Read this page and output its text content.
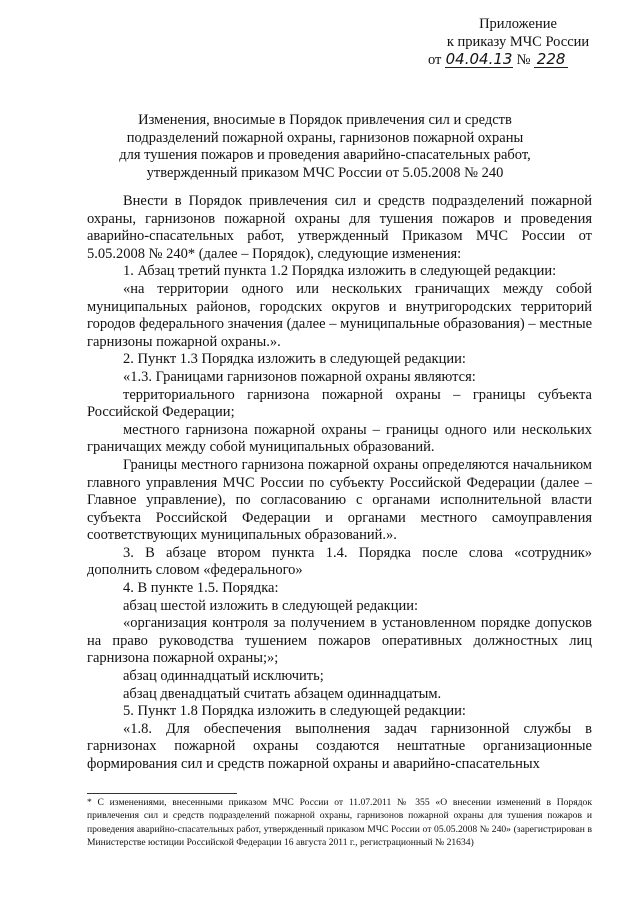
Приложение
к приказу МЧС России
от 04.04.13 № 228
Изменения, вносимые в Порядок привлечения сил и средств
подразделений пожарной охраны, гарнизонов пожарной охраны
для тушения пожаров и проведения аварийно-спасательных работ,
утвержденный приказом МЧС России от 5.05.2008 № 240

Внести в Порядок привлечения сил и средств подразделений пожарной охраны, гарнизонов пожарной охраны для тушения пожаров и проведения аварийно-спасательных работ, утвержденный Приказом МЧС России от 5.05.2008 № 240* (далее – Порядок), следующие изменения:

1. Абзац третий пункта 1.2 Порядка изложить в следующей редакции:

«на территории одного или нескольких граничащих между собой муниципальных районов, городских округов и внутригородских территорий городов федерального значения (далее – муниципальные образования) – местные гарнизоны пожарной охраны.».

2. Пункт 1.3 Порядка изложить в следующей редакции:

«1.3. Границами гарнизонов пожарной охраны являются:

территориального гарнизона пожарной охраны – границы субъекта Российской Федерации;

местного гарнизона пожарной охраны – границы одного или нескольких граничащих между собой муниципальных образований.

Границы местного гарнизона пожарной охраны определяются начальником главного управления МЧС России по субъекту Российской Федерации (далее – Главное управление), по согласованию с органами исполнительной власти субъекта Российской Федерации и органами местного самоуправления соответствующих муниципальных образований.».

3. В абзаце втором пункта 1.4. Порядка после слова «сотрудник» дополнить словом «федерального»

4. В пункте 1.5. Порядка:

абзац шестой изложить в следующей редакции:

«организация контроля за получением в установленном порядке допусков на право руководства тушением пожаров оперативных должностных лиц гарнизона пожарной охраны;»;

абзац одиннадцатый исключить;

абзац двенадцатый считать абзацем одиннадцатым.

5. Пункт 1.8 Порядка изложить в следующей редакции:

«1.8. Для обеспечения выполнения задач гарнизонной службы в гарнизонах пожарной охраны создаются нештатные организационные формирования сил и средств пожарной охраны и аварийно-спасательных

* С изменениями, внесенными приказом МЧС России от 11.07.2011 № 355 «О внесении изменений в Порядок привлечения сил и средств подразделений пожарной охраны, гарнизонов пожарной охраны для тушения пожаров и проведения аварийно-спасательных работ, утвержденный приказом МЧС России от 05.05.2008 № 240» (зарегистрирован в Министерстве юстиции Российской Федерации 16 августа 2011 г., регистрационный № 21634)
